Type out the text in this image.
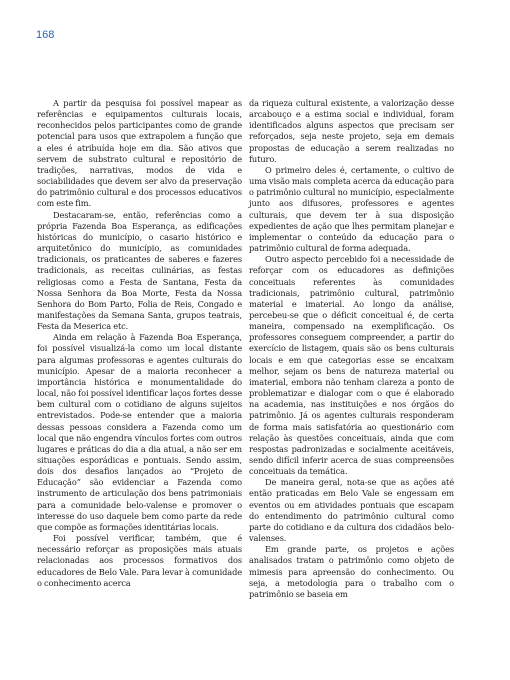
168

A partir da pesquisa foi possível mapear as referências e equipamentos culturais locais, reconhecidos pelos participantes como de grande potencial para usos que extrapolem a função que a eles é atribuída hoje em dia. São ativos que servem de substrato cultural e repositório de tradições, narrativas, modos de vida e sociabilidades que devem ser alvo da preservação do patrimônio cultural e dos processos educativos com este fim.

Destacaram-se, então, referências como a própria Fazenda Boa Esperança, as edificações históricas do município, o casario histórico e arquitetônico do município, as comunidades tradicionais, os praticantes de saberes e fazeres tradicionais, as receitas culinárias, as festas religiosas como a Festa de Santana, Festa da Nossa Senhora da Boa Morte, Festa da Nossa Senhora do Bom Parto, Folia de Reis, Congado e manifestações da Semana Santa, grupos teatrais, Festa da Meserica etc.

Ainda em relação à Fazenda Boa Esperança, foi possível visualizá-la como um local distante para algumas professoras e agentes culturais do município. Apesar de a maioria reconhecer a importância histórica e monumentalidade do local, não foi possível identificar laços fortes desse bem cultural com o cotidiano de alguns sujeitos entrevistados. Pode-se entender que a maioria dessas pessoas considera a Fazenda como um local que não engendra vínculos fortes com outros lugares e práticas do dia a dia atual, a não ser em situações esporádicas e pontuais. Sendo assim, dois dos desafios lançados ao “Projeto de Educação” são evidenciar a Fazenda como instrumento de articulação dos bens patrimoniais para a comunidade belo-valense e promover o interesse do uso daquele bem como parte da rede que compõe as formações identitárias locais.

Foi possível verificar, também, que é necessário reforçar as proposições mais atuais relacionadas aos processos formativos dos educadores de Belo Vale. Para levar à comunidade o conhecimento acerca

da riqueza cultural existente, a valorização desse arcabouço e a estima social e individual, foram identificados alguns aspectos que precisam ser reforçados, seja neste projeto, seja em demais propostas de educação a serem realizadas no futuro.

O primeiro deles é, certamente, o cultivo de uma visão mais completa acerca da educação para o patrimônio cultural no município, especialmente junto aos difusores, professores e agentes culturais, que devem ter à sua disposição expedientes de ação que lhes permitam planejar e implementar o conteúdo da educação para o patrimônio cultural de forma adequada.

Outro aspecto percebido foi a necessidade de reforçar com os educadores as definições conceituais referentes às comunidades tradicionais, patrimônio cultural, patrimônio material e imaterial. Ao longo da análise, percebeu-se que o déficit conceitual é, de certa maneira, compensado na exemplificação. Os professores conseguem compreender, a partir do exercício de listagem, quais são os bens culturais locais e em que categorias esse se encaixam melhor, sejam os bens de natureza material ou imaterial, embora não tenham clareza a ponto de problematizar e dialogar com o que é elaborado na academia, nas instituições e nos órgãos do patrimônio. Já os agentes culturais responderam de forma mais satisfatória ao questionário com relação às questões conceituais, ainda que com respostas padronizadas e socialmente aceitáveis, sendo difícil inferir acerca de suas compreensões conceituais da temática.

De maneira geral, nota-se que as ações até então praticadas em Belo Vale se engessam em eventos ou em atividades pontuais que escapam do entendimento do patrimônio cultural como parte do cotidiano e da cultura dos cidadãos belo-valenses.

Em grande parte, os projetos e ações analisados tratam o patrimônio como objeto de mimesis para apreensão do conhecimento. Ou seja, a metodologia para o trabalho com o patrimônio se baseia em
